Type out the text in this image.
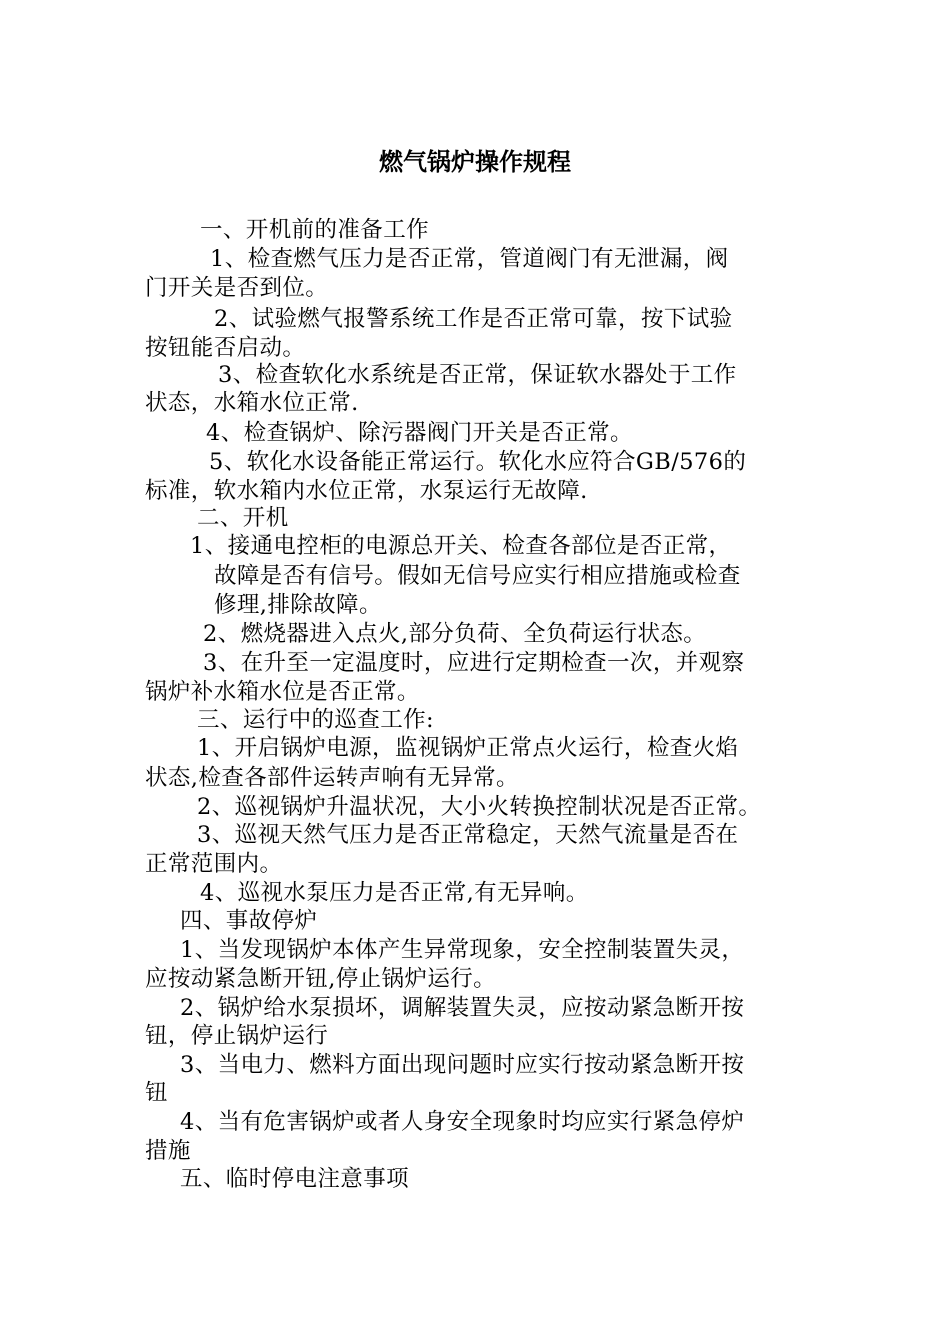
燃气锅炉操作规程
一、开机前的准备工作
1、检查燃气压力是否正常，管道阀门有无泄漏，阀
门开关是否到位。
2、试验燃气报警系统工作是否正常可靠，按下试验
按钮能否启动。
3、检查软化水系统是否正常，保证软水器处于工作
状态，水箱水位正常.
4、检查锅炉、除污器阀门开关是否正常。
5、软化水设备能正常运行。软化水应符合GB/576的
标准，软水箱内水位正常，水泵运行无故障.
二、开机
1、接通电控柜的电源总开关、检查各部位是否正常，
故障是否有信号。假如无信号应实行相应措施或检查
修理,排除故障。
2、燃烧器进入点火,部分负荷、全负荷运行状态。
3、在升至一定温度时，应进行定期检查一次，并观察
锅炉补水箱水位是否正常。
三、运行中的巡查工作:
1、开启锅炉电源，监视锅炉正常点火运行，检查火焰
状态,检查各部件运转声响有无异常。
2、巡视锅炉升温状况，大小火转换控制状况是否正常。
3、巡视天然气压力是否正常稳定，天然气流量是否在
正常范围内。
4、巡视水泵压力是否正常,有无异响。
四、事故停炉
1、当发现锅炉本体产生异常现象，安全控制装置失灵，
应按动紧急断开钮,停止锅炉运行。
2、锅炉给水泵损坏，调解装置失灵，应按动紧急断开按
钮，停止锅炉运行
3、当电力、燃料方面出现问题时应实行按动紧急断开按
钮
4、当有危害锅炉或者人身安全现象时均应实行紧急停炉
措施
五、临时停电注意事项
